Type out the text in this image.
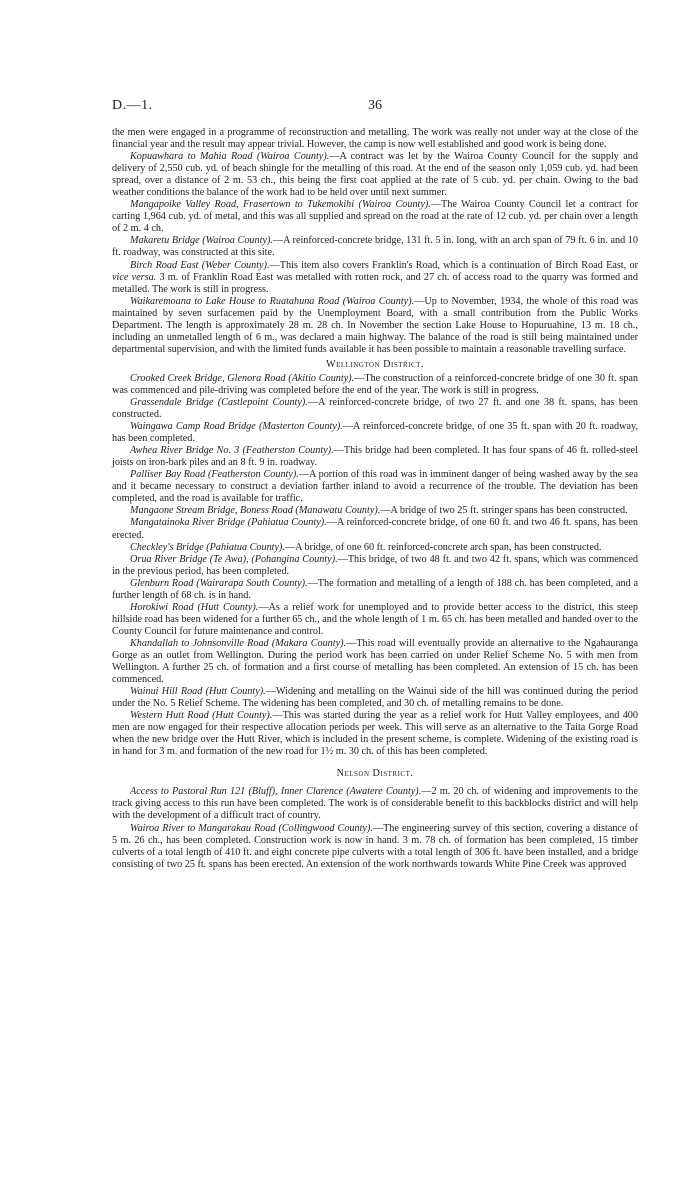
D.—1.	36

the men were engaged in a programme of reconstruction and metalling. The work was really not under way at the close of the financial year and the result may appear trivial. However, the camp is now well established and good work is being done.

Kopuawhara to Mahia Road (Wairoa County).—A contract was let by the Wairoa County Council for the supply and delivery of 2,550 cub. yd. of beach shingle for the metalling of this road. At the end of the season only 1,059 cub. yd. had been spread, over a distance of 2 m. 53 ch., this being the first coat applied at the rate of 5 cub. yd. per chain. Owing to the bad weather conditions the balance of the work had to be held over until next summer.

Mangapoike Valley Road, Frasertown to Tukemokihi (Wairoa County).—The Wairoa County Council let a contract for carting 1,964 cub. yd. of metal, and this was all supplied and spread on the road at the rate of 12 cub. yd. per chain over a length of 2 m. 4 ch.

Makaretu Bridge (Wairoa County).—A reinforced-concrete bridge, 131 ft. 5 in. long, with an arch span of 79 ft. 6 in. and 10 ft. roadway, was constructed at this site.

Birch Road East (Weber County).—This item also covers Franklin's Road, which is a continuation of Birch Road East, or vice versa. 3 m. of Franklin Road East was metalled with rotten rock, and 27 ch. of access road to the quarry was formed and metalled. The work is still in progress.

Waikaremoana to Lake House to Ruatahuna Road (Wairoa County).—Up to November, 1934, the whole of this road was maintained by seven surfacemen paid by the Unemployment Board, with a small contribution from the Public Works Department. The length is approximately 28 m. 28 ch. In November the section Lake House to Hopuruahine, 13 m. 18 ch., including an unmetalled length of 6 m., was declared a main highway. The balance of the road is still being maintained under departmental supervision, and with the limited funds available it has been possible to maintain a reasonable travelling surface.

Wellington District.

Crooked Creek Bridge, Glenora Road (Akitio County).—The construction of a reinforced-concrete bridge of one 30 ft. span was commenced and pile-driving was completed before the end of the year. The work is still in progress.

Grassendale Bridge (Castlepoint County).—A reinforced-concrete bridge, of two 27 ft. and one 38 ft. spans, has been constructed.

Waingawa Camp Road Bridge (Masterton County).—A reinforced-concrete bridge, of one 35 ft. span with 20 ft. roadway, has been completed.

Awhea River Bridge No. 3 (Featherston County).—This bridge had been completed. It has four spans of 46 ft. rolled-steel joists on iron-bark piles and an 8 ft. 9 in. roadway.

Palliser Bay Road (Featherston County).—A portion of this road was in imminent danger of being washed away by the sea and it became necessary to construct a deviation farther inland to avoid a recurrence of the trouble. The deviation has been completed, and the road is available for traffic.

Mangaone Stream Bridge, Boness Road (Manawatu County).—A bridge of two 25 ft. stringer spans has been constructed.

Mangatainoka River Bridge (Pahiatua County).—A reinforced-concrete bridge, of one 60 ft. and two 46 ft. spans, has been erected.

Checkley's Bridge (Pahiatua County).—A bridge, of one 60 ft. reinforced-concrete arch span, has been constructed.

Orua River Bridge (Te Awa), (Pohangina County).—This bridge, of two 48 ft. and two 42 ft. spans, which was commenced in the previous period, has been completed.

Glenburn Road (Wairarapa South County).—The formation and metalling of a length of 188 ch. has been completed, and a further length of 68 ch. is in hand.

Horokiwi Road (Hutt County).—As a relief work for unemployed and to provide better access to the district, this steep hillside road has been widened for a further 65 ch., and the whole length of 1 m. 65 ch. has been metalled and handed over to the County Council for future maintenance and control.

Khandallah to Johnsonville Road (Makara County).—This road will eventually provide an alternative to the Ngahauranga Gorge as an outlet from Wellington. During the period work has been carried on under Relief Scheme No. 5 with men from Wellington. A further 25 ch. of formation and a first course of metalling has been completed. An extension of 15 ch. has been commenced.

Wainui Hill Road (Hutt County).—Widening and metalling on the Wainui side of the hill was continued during the period under the No. 5 Relief Scheme. The widening has been completed, and 30 ch. of metalling remains to be done.

Western Hutt Road (Hutt County).—This was started during the year as a relief work for Hutt Valley employees, and 400 men are now engaged for their respective allocation periods per week. This will serve as an alternative to the Taita Gorge Road when the new bridge over the Hutt River, which is included in the present scheme, is complete. Widening of the existing road is in hand for 3 m. and formation of the new road for 1½ m. 30 ch. of this has been completed.

Nelson District.

Access to Pastoral Run 121 (Bluff), Inner Clarence (Awatere County).—2 m. 20 ch. of widening and improvements to the track giving access to this run have been completed. The work is of considerable benefit to this backblocks district and will help with the development of a difficult tract of country.

Wairoa River to Mangarakau Road (Collingwood County).—The engineering survey of this section, covering a distance of 5 m. 26 ch., has been completed. Construction work is now in hand. 3 m. 78 ch. of formation has been completed, 15 timber culverts of a total length of 410 ft. and eight concrete pipe culverts with a total length of 306 ft. have been installed, and a bridge consisting of two 25 ft. spans has been erected. An extension of the work northwards towards White Pine Creek was approved
